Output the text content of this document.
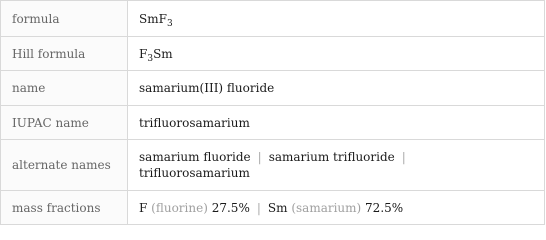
formula	SmF$_3$
Hill formula	$F_3Sm$
name	samarium(III) fluoride
IUPAC name	trifluorosamarium
alternate names	samarium fluoride | samarium trifluoride |
trifluorosamarium
mass fractions	F (fluorine) 27.5% | Sm (samarium) 72.5%
